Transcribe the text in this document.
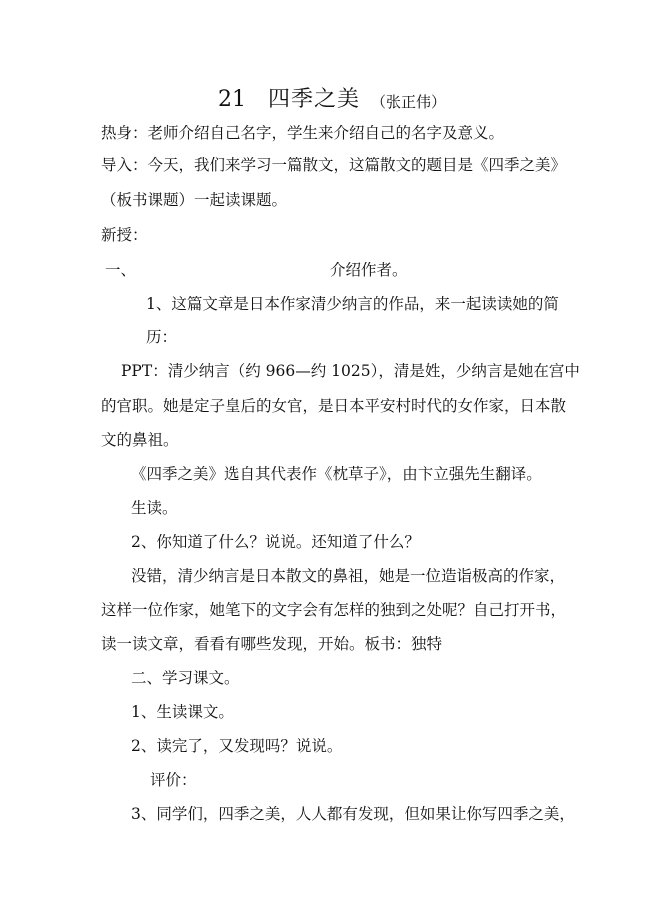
21 四季之美 （张正伟）
热身：老师介绍自己名字，学生来介绍自己的名字及意义。
导入：今天，我们来学习一篇散文，这篇散文的题目是《四季之美》
（板书课题）一起读课题。
新授：
一、	介绍作者。
1、这篇文章是日本作家清少纳言的作品，来一起读读她的简
历：
PPT：清少纳言（约 966—约 1025），清是姓，少纳言是她在宫中
的官职。她是定子皇后的女官，是日本平安村时代的女作家，日本散
文的鼻祖。
《四季之美》选自其代表作《枕草子》，由卞立强先生翻译。
生读。
2、你知道了什么？说说。还知道了什么？
没错，清少纳言是日本散文的鼻祖，她是一位造诣极高的作家，
这样一位作家，她笔下的文字会有怎样的独到之处呢？自己打开书，
读一读文章，看看有哪些发现，开始。板书：独特
二、学习课文。
1、生读课文。
2、读完了，又发现吗？说说。
评价：
3、同学们，四季之美，人人都有发现，但如果让你写四季之美，
